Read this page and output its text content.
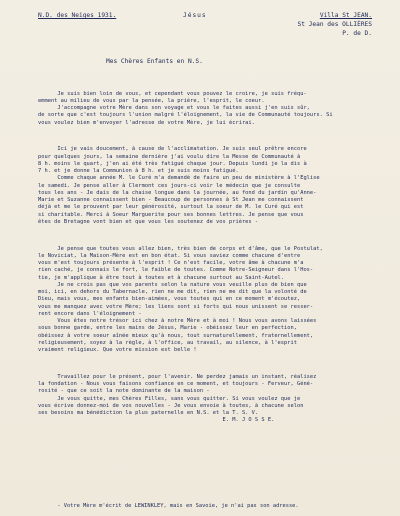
N.D. des Neiges 1931.	Jésus	Villa St JEAN.
St Jean des OLLIÈRES
P. de D.
Mes Chères Enfants en N.S.

Je suis bien loin de vous, et cependant vous pouvez le croire, je suis fréqu-
emment au milieu de vous par la pensée, la prière, l'esprit, le coeur.
J'accompagne votre Mère dans son voyage et vous le faites aussi j'en suis sûr,
de sorte que c'est toujours l'union malgré l'éloignement, la vie de Communauté toujours. Si
vous voulez bien m'envoyer l'adresse de votre Mère, je lui écrirai.

Ici je vais doucement, à cause de l'acclimatation. Je suis seul prêtre encore
pour quelques jours, la semaine dernière j'ai voulu dire la Messe de Communauté à
8 h. moins le quart, j'en ai été très fatigué chaque jour. Depuis lundi je la dis à
7 h. et je donne la Communion à 8 h. et je suis moins fatigué.
Comme chaque année M. le Curé m'a demandé de faire un peu de ministère à l'Eglise
le samedi. Je pense aller à Clermont ces jours-ci voir le médecin que je consulte
tous les ans - Je dais de la chaise longue dans la journée, au fond du jardin qu'Anne-
Marie et Suzanne connaissent bien - Beaucoup de personnes à St Jean me connaissent
déjà et me le prouvent par leur générosité, surtout la soeur de M. le Curé qui est
si charitable. Merci à Soeur Marguerite pour ses bonnes lettres. Je pense que vous
êtes de Bretagne vont bien et que vous les soutenez de vos prières -

Je pense que toutes vous allez bien, très bien de corps et d'âme, que le Postulat,
le Noviciat, la Maison-Mère est en bon état. Si vous saviez comme chacune d'entre
vous m'est toujours présente à l'esprit ! Ce n'est facile, votre âme à chacune m'a
rien caché, je connais le fort, le faible de toutes. Comme Notre-Seigneur dans l'Hos-
tie, je m'applique à être tout à toutes et à chacune surtout au Saint-Autel.
Je ne crois pas que vos parents selon la nature vous veuille plus de bien que
moi, ici, en dehors du Tabernacle, rien ne me dit, rien ne me dit que la volonté de
Dieu, mais vous, mes enfants bien-aimées, vous toutes qui en ce moment m'écoutez,
vous me manquez avec votre Mère; les liens sont si forts qui nous unissent se resser-
rent encore dans l'éloignement -
Vous êtes notre trésor ici chez à notre Mère et à moi ! Nous vous avons laissées
sous bonne garde, entre les mains de Jésus, Marie - obéissez leur en perfection,
obéissez à votre soeur aînée mieux qu'à nous, tout surnaturellement, fraternellement,
religieusement, soyez à la règle, à l'office, au travail, au silence, à l'esprit
vraiment religieux. Que votre mission est belle !

Travaillez pour le présent, pour l'avenir. Ne perdez jamais un instant, réalisez
la fondation - Nous vous faisons confiance en ce moment, et toujours - Ferveur, Géné-
rosité - que ce soit la note dominante de la maison -
Je vous quitte, mes Chères Filles, sans vous quitter. Si vous voulez que je
vous écrive donnez-moi de vos nouvelles - Je vous envoie à toutes, à chacune selon
ses besoins ma bénédiction la plus paternelle en N.S. et la T. S. V.
E. M. J O S S E.

- Votre Mère m'écrit de LEWINKLEY, mais en Savoie, je n'ai pas son adresse.
